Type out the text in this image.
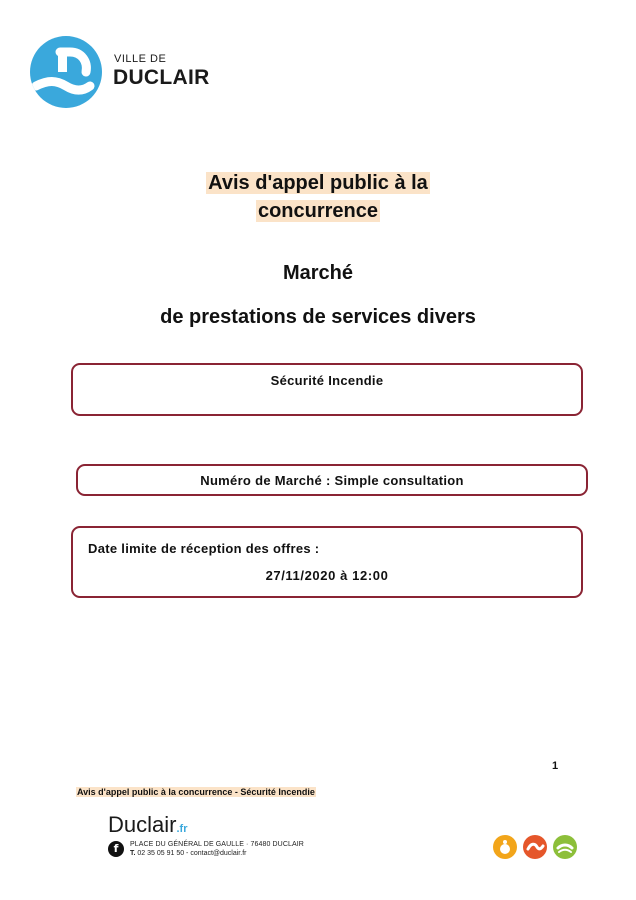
VILLE DE
DUCLAIR
Avis d'appel public à la
concurrence
Marché
de prestations de services divers
Sécurité Incendie
Numéro de Marché : Simple consultation
Date limite de réception des offres :
27/11/2020 à 12:00
1
Avis d'appel public à la concurrence - Sécurité Incendie
Duclair.fr
f	PLACE DU GÉNÉRAL DE GAULLE · 76480 DUCLAIR
T. 02 35 05 91 50 - contact@duclair.fr
